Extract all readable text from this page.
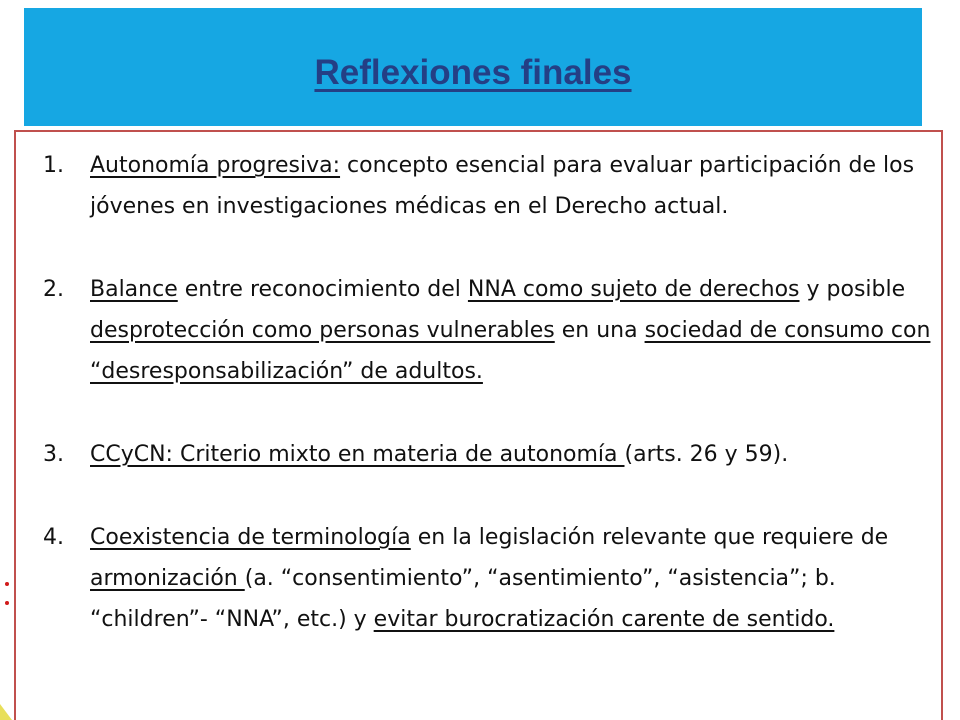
Reflexiones finales
1. Autonomía progresiva: concepto esencial para evaluar participación de los jóvenes en investigaciones médicas en el Derecho actual.
2. Balance entre reconocimiento del NNA como sujeto de derechos y posible desprotección como personas vulnerables en una sociedad de consumo con “desresponsabilización” de adultos.
3. CCyCN: Criterio mixto en materia de autonomía (arts. 26 y 59).
4. Coexistencia de terminología en la legislación relevante que requiere de armonización (a. “consentimiento”, “asentimiento”, “asistencia”; b. “children”- “NNA”, etc.) y evitar burocratización carente de sentido.
